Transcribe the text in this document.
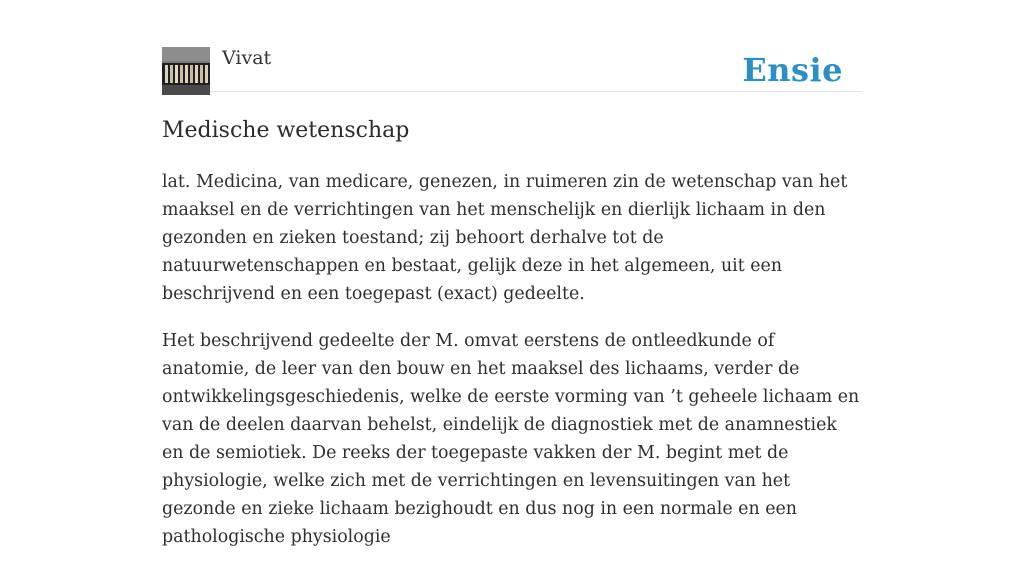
Vivat	Ensie
Medische wetenschap

lat. Medicina, van medicare, genezen, in ruimeren zin de wetenschap van het maaksel en de verrichtingen van het menschelijk en dierlijk lichaam in den gezonden en zieken toestand; zij behoort derhalve tot de natuurwetenschappen en bestaat, gelijk deze in het algemeen, uit een beschrijvend en een toegepast (exact) gedeelte.

Het beschrijvend gedeelte der M. omvat eerstens de ontleedkunde of anatomie, de leer van den bouw en het maaksel des lichaams, verder de ontwikkelingsgeschiedenis, welke de eerste vorming van ’t geheele lichaam en van de deelen daarvan behelst, eindelijk de diagnostiek met de anamnestiek en de semiotiek. De reeks der toegepaste vakken der M. begint met de physiologie, welke zich met de verrichtingen en levensuitingen van het gezonde en zieke lichaam bezighoudt en dus nog in een normale en een pathologische physiologie
